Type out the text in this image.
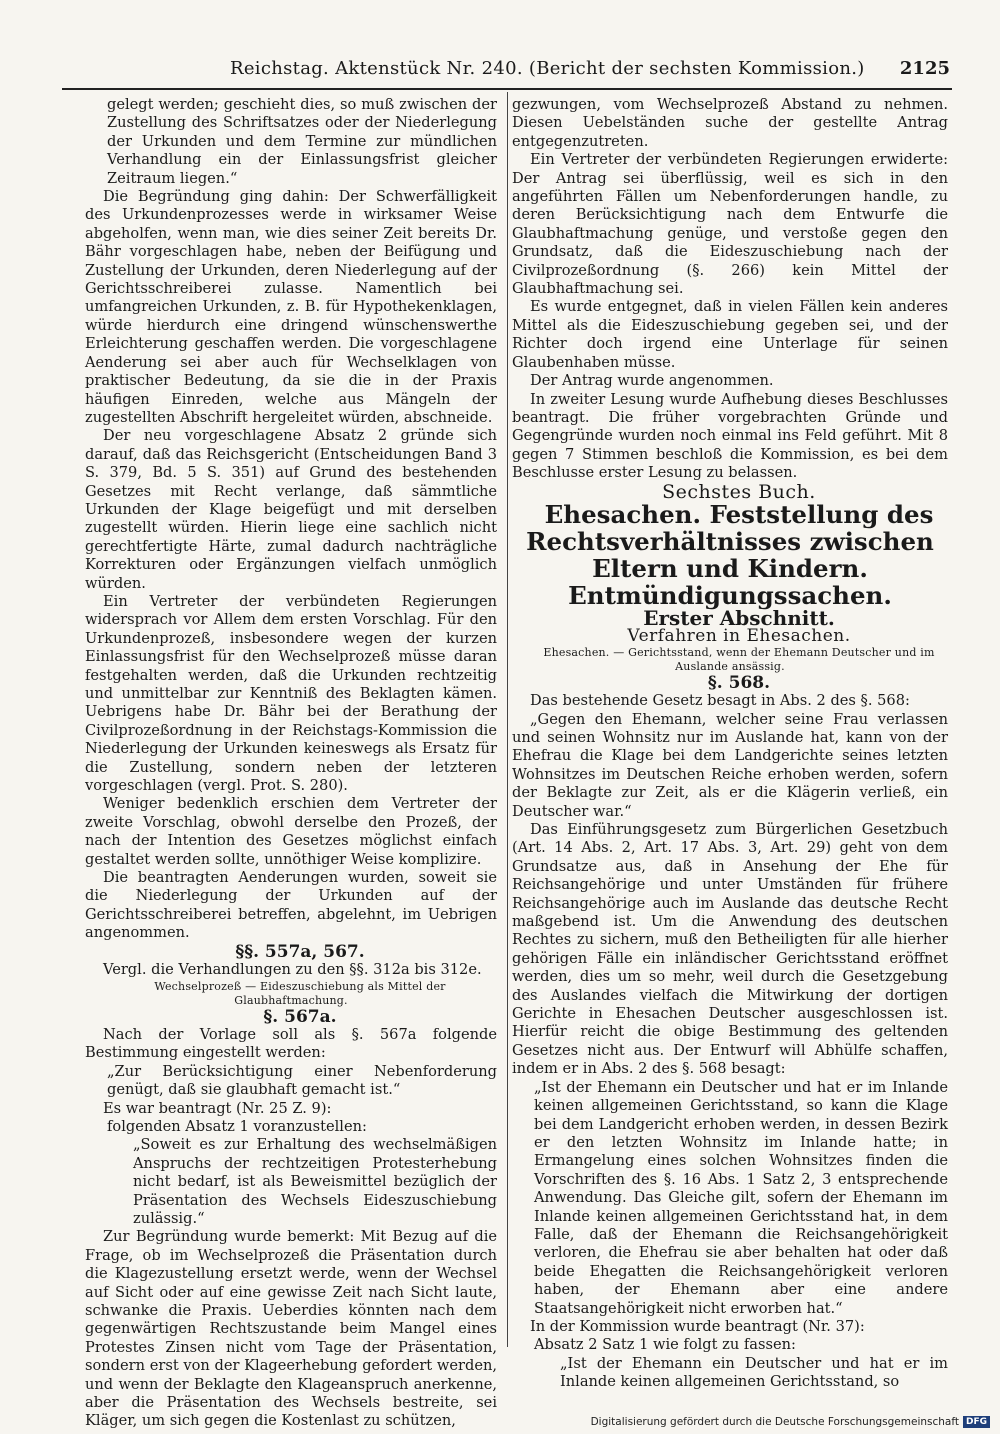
Reichstag. Aktenstück Nr. 240. (Bericht der sechsten Kommission.) 2125

gelegt werden; geschieht dies, so muß zwischen der Zustellung des Schriftsatzes oder der Niederlegung der Urkunden und dem Termine zur mündlichen Verhandlung ein der Einlassungsfrist gleicher Zeitraum liegen.“

Die Begründung ging dahin: Der Schwerfälligkeit des Urkundenprozesses werde in wirksamer Weise abgeholfen, wenn man, wie dies seiner Zeit bereits Dr. Bähr vorgeschlagen habe, neben der Beifügung und Zustellung der Urkunden, deren Niederlegung auf der Gerichtsschreiberei zulasse. Namentlich bei umfangreichen Urkunden, z. B. für Hypothekenklagen, würde hierdurch eine dringend wünschenswerthe Erleichterung geschaffen werden. Die vorgeschlagene Aenderung sei aber auch für Wechselklagen von praktischer Bedeutung, da sie die in der Praxis häufigen Einreden, welche aus Mängeln der zugestellten Abschrift hergeleitet würden, abschneide.

Der neu vorgeschlagene Absatz 2 gründe sich darauf, daß das Reichsgericht (Entscheidungen Band 3 S. 379, Bd. 5 S. 351) auf Grund des bestehenden Gesetzes mit Recht verlange, daß sämmtliche Urkunden der Klage beigefügt und mit derselben zugestellt würden. Hierin liege eine sachlich nicht gerechtfertigte Härte, zumal dadurch nachträgliche Korrekturen oder Ergänzungen vielfach unmöglich würden.

Ein Vertreter der verbündeten Regierungen widersprach vor Allem dem ersten Vorschlag. Für den Urkundenprozeß, insbesondere wegen der kurzen Einlassungsfrist für den Wechselprozeß müsse daran festgehalten werden, daß die Urkunden rechtzeitig und unmittelbar zur Kenntniß des Beklagten kämen. Uebrigens habe Dr. Bähr bei der Berathung der Civilprozeßordnung in der Reichstags-Kommission die Niederlegung der Urkunden keineswegs als Ersatz für die Zustellung, sondern neben der letzteren vorgeschlagen (vergl. Prot. S. 280).

Weniger bedenklich erschien dem Vertreter der zweite Vorschlag, obwohl derselbe den Prozeß, der nach der Intention des Gesetzes möglichst einfach gestaltet werden sollte, unnöthiger Weise komplizire.

Die beantragten Aenderungen wurden, soweit sie die Niederlegung der Urkunden auf der Gerichtsschreiberei betreffen, abgelehnt, im Uebrigen angenommen.

§§. 557a, 567.

Vergl. die Verhandlungen zu den §§. 312a bis 312e.

Wechselprozeß — Eideszuschiebung als Mittel der Glaubhaftmachung.

§. 567a.

Nach der Vorlage soll als §. 567a folgende Bestimmung eingestellt werden:

„Zur Berücksichtigung einer Nebenforderung genügt, daß sie glaubhaft gemacht ist.“

Es war beantragt (Nr. 25 Z. 9):

folgenden Absatz 1 voranzustellen:

„Soweit es zur Erhaltung des wechselmäßigen Anspruchs der rechtzeitigen Protesterhebung nicht bedarf, ist als Beweismittel bezüglich der Präsentation des Wechsels Eideszuschiebung zulässig.“

Zur Begründung wurde bemerkt: Mit Bezug auf die Frage, ob im Wechselprozeß die Präsentation durch die Klagezustellung ersetzt werde, wenn der Wechsel auf Sicht oder auf eine gewisse Zeit nach Sicht laute, schwanke die Praxis. Ueberdies könnten nach dem gegenwärtigen Rechtszustande beim Mangel eines Protestes Zinsen nicht vom Tage der Präsentation, sondern erst von der Klageerhebung gefordert werden, und wenn der Beklagte den Klageanspruch anerkenne, aber die Präsentation des Wechsels bestreite, sei Kläger, um sich gegen die Kostenlast zu schützen,

gezwungen, vom Wechselprozeß Abstand zu nehmen. Diesen Uebelständen suche der gestellte Antrag entgegenzutreten.

Ein Vertreter der verbündeten Regierungen erwiderte: Der Antrag sei überflüssig, weil es sich in den angeführten Fällen um Nebenforderungen handle, zu deren Berücksichtigung nach dem Entwurfe die Glaubhaftmachung genüge, und verstoße gegen den Grundsatz, daß die Eideszuschiebung nach der Civilprozeßordnung (§. 266) kein Mittel der Glaubhaftmachung sei.

Es wurde entgegnet, daß in vielen Fällen kein anderes Mittel als die Eideszuschiebung gegeben sei, und der Richter doch irgend eine Unterlage für seinen Glaubenhaben müsse.

Der Antrag wurde angenommen.

In zweiter Lesung wurde Aufhebung dieses Beschlusses beantragt. Die früher vorgebrachten Gründe und Gegengründe wurden noch einmal ins Feld geführt. Mit 8 gegen 7 Stimmen beschloß die Kommission, es bei dem Beschlusse erster Lesung zu belassen.

Sechstes Buch.

Ehesachen. Feststellung des Rechtsverhältnisses zwischen Eltern und Kindern. Entmündigungssachen.

Erster Abschnitt.

Verfahren in Ehesachen.

Ehesachen. — Gerichtsstand, wenn der Ehemann Deutscher und im Auslande ansässig.

§. 568.

Das bestehende Gesetz besagt in Abs. 2 des §. 568:

„Gegen den Ehemann, welcher seine Frau verlassen und seinen Wohnsitz nur im Auslande hat, kann von der Ehefrau die Klage bei dem Landgerichte seines letzten Wohnsitzes im Deutschen Reiche erhoben werden, sofern der Beklagte zur Zeit, als er die Klägerin verließ, ein Deutscher war.“

Das Einführungsgesetz zum Bürgerlichen Gesetzbuch (Art. 14 Abs. 2, Art. 17 Abs. 3, Art. 29) geht von dem Grundsatze aus, daß in Ansehung der Ehe für Reichsangehörige und unter Umständen für frühere Reichsangehörige auch im Auslande das deutsche Recht maßgebend ist. Um die Anwendung des deutschen Rechtes zu sichern, muß den Betheiligten für alle hierher gehörigen Fälle ein inländischer Gerichtsstand eröffnet werden, dies um so mehr, weil durch die Gesetzgebung des Auslandes vielfach die Mitwirkung der dortigen Gerichte in Ehesachen Deutscher ausgeschlossen ist. Hierfür reicht die obige Bestimmung des geltenden Gesetzes nicht aus. Der Entwurf will Abhülfe schaffen, indem er in Abs. 2 des §. 568 besagt:

„Ist der Ehemann ein Deutscher und hat er im Inlande keinen allgemeinen Gerichtsstand, so kann die Klage bei dem Landgericht erhoben werden, in dessen Bezirk er den letzten Wohnsitz im Inlande hatte; in Ermangelung eines solchen Wohnsitzes finden die Vorschriften des §. 16 Abs. 1 Satz 2, 3 entsprechende Anwendung. Das Gleiche gilt, sofern der Ehemann im Inlande keinen allgemeinen Gerichtsstand hat, in dem Falle, daß der Ehemann die Reichsangehörigkeit verloren, die Ehefrau sie aber behalten hat oder daß beide Ehegatten die Reichsangehörigkeit verloren haben, der Ehemann aber eine andere Staatsangehörigkeit nicht erworben hat.“

In der Kommission wurde beantragt (Nr. 37):

Absatz 2 Satz 1 wie folgt zu fassen:

„Ist der Ehemann ein Deutscher und hat er im Inlande keinen allgemeinen Gerichtsstand, so

Digitalisierung gefördert durch die Deutsche Forschungsgemeinschaft DFG
